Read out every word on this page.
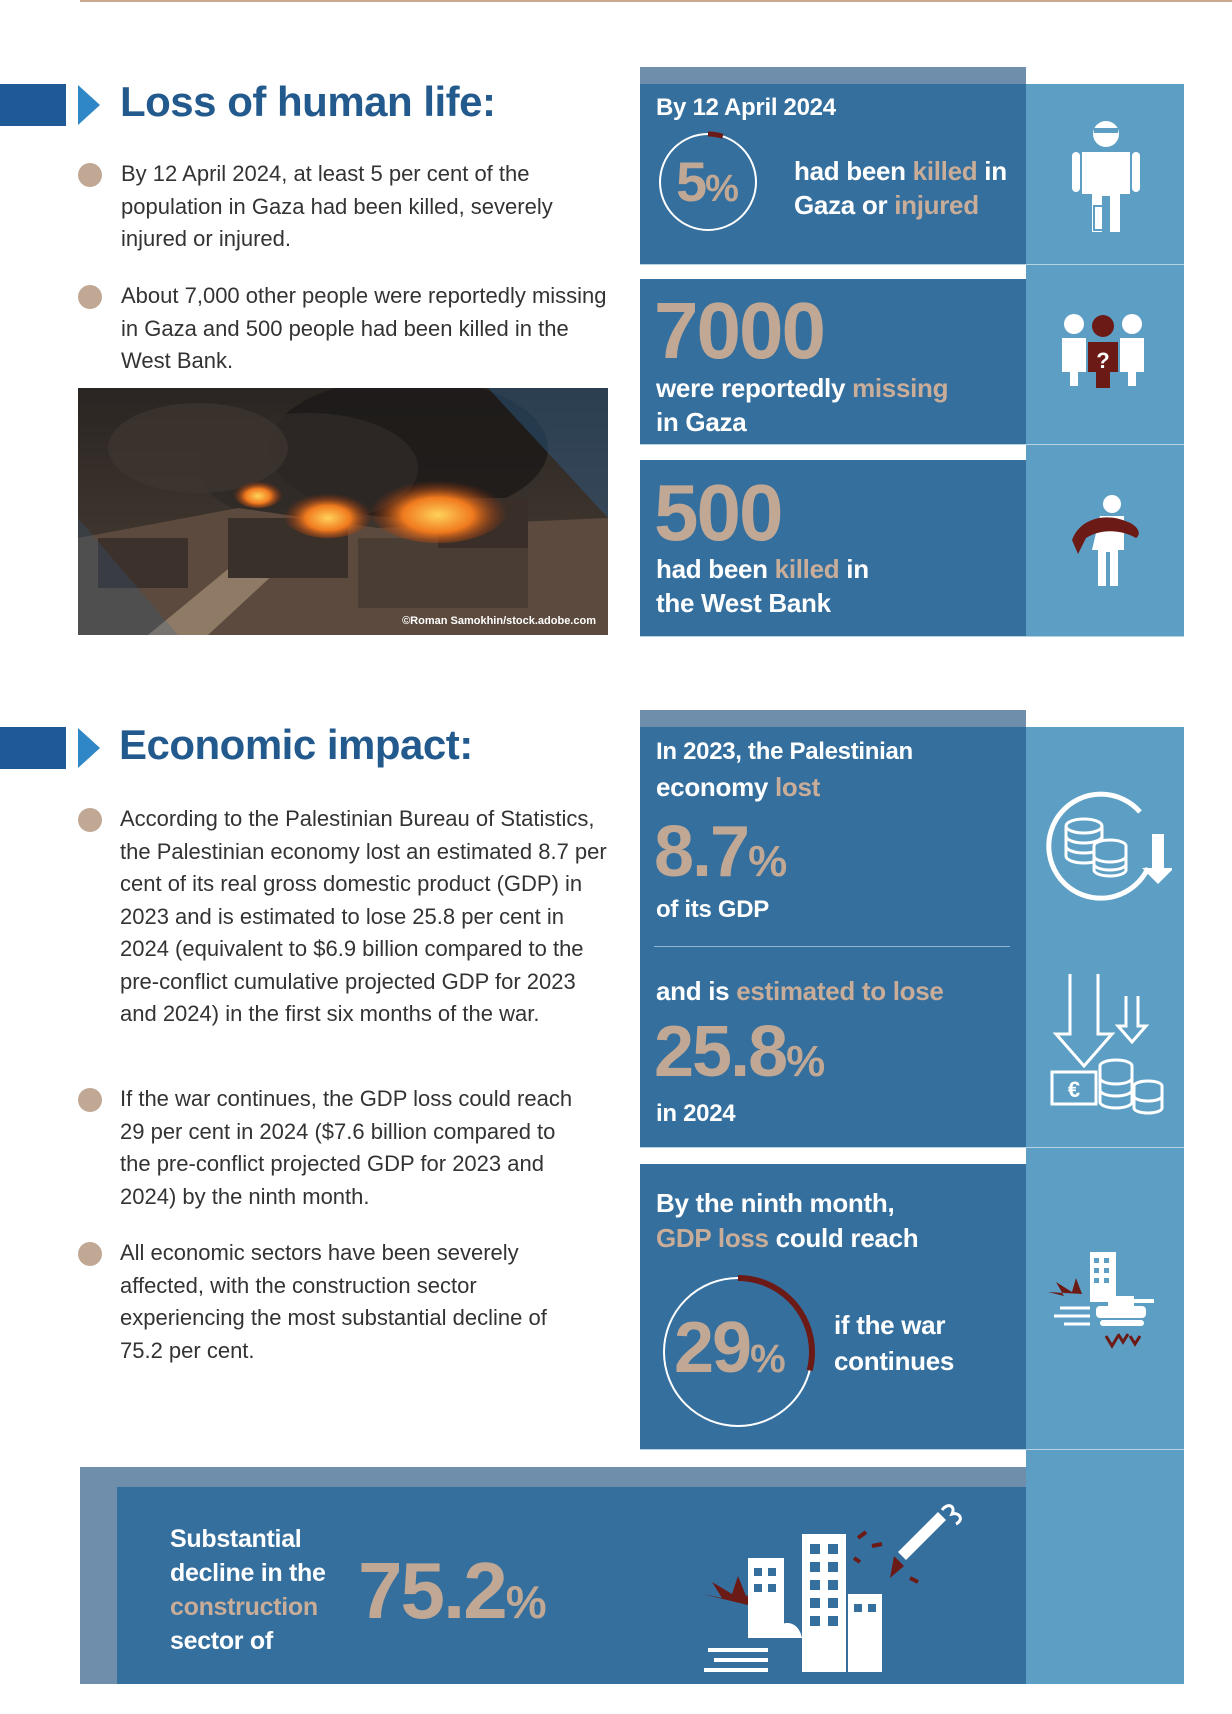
Loss of human life:
By 12 April 2024, at least 5 per cent of the population in Gaza had been killed, severely injured or injured.
About 7,000 other people were reportedly missing in Gaza and 500 people had been killed in the West Bank.
©Roman Samokhin/stock.adobe.com
By 12 April 2024
5% had been killed in
Gaza or injured
7000
were reportedly missing
in Gaza
?
500
had been killed in
the West Bank
Economic impact:
According to the Palestinian Bureau of Statistics, the Palestinian economy lost an estimated 8.7 per cent of its real gross domestic product (GDP) in 2023 and is estimated to lose 25.8 per cent in 2024 (equivalent to $6.9 billion compared to the pre-conflict cumulative projected GDP for 2023 and 2024) in the first six months of the war.
If the war continues, the GDP loss could reach 29 per cent in 2024 ($7.6 billion compared to the pre-conflict projected GDP for 2023 and 2024) by the ninth month.
All economic sectors have been severely affected, with the construction sector experiencing the most substantial decline of 75.2 per cent.
In 2023, the Palestinian
economy lost
8.7%
of its GDP
and is estimated to lose
25.8%
in 2024
€
By the ninth month,
GDP loss could reach
29%
if the war
continues
Substantial
decline in the
construction
sector of
75.2%
